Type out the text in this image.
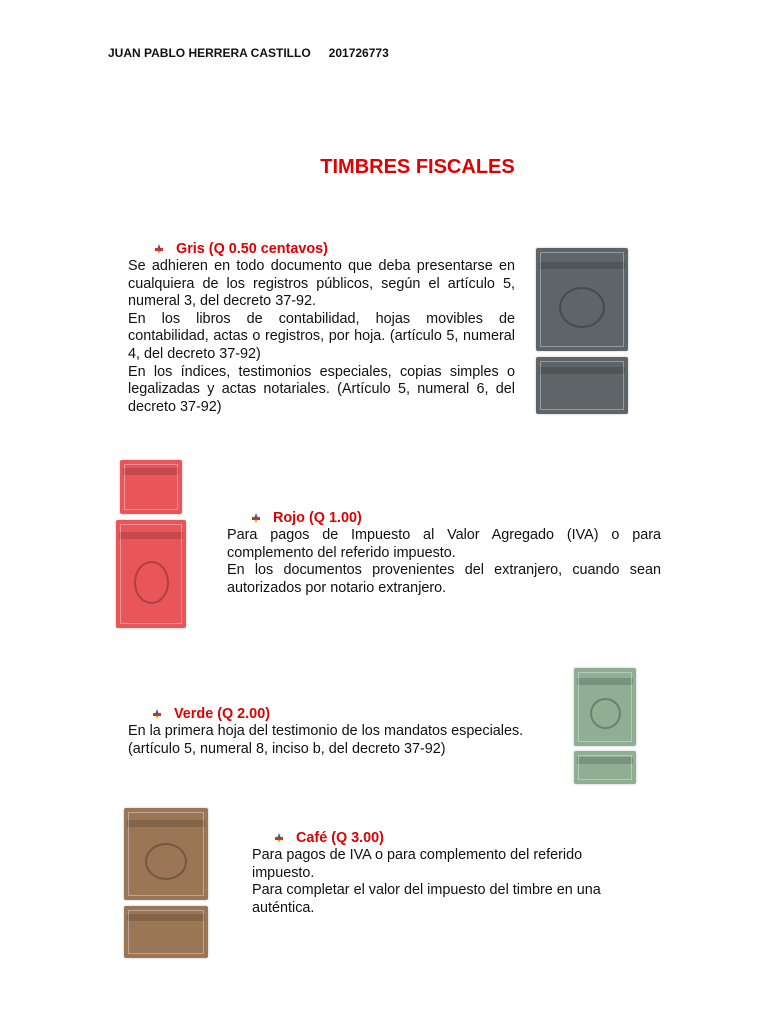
JUAN PABLO HERRERA CASTILLO 201726773
TIMBRES FISCALES
Gris (Q 0.50 centavos)

Se adhieren en todo documento que deba presentarse en cualquiera de los registros públicos, según el artículo 5, numeral 3, del decreto 37-92.

En los libros de contabilidad, hojas movibles de contabilidad, actas o registros, por hoja. (artículo 5, numeral 4, del decreto 37-92)

En los índices, testimonios especiales, copias simples o legalizadas y actas notariales. (Artículo 5, numeral 6, del decreto 37-92)

Rojo (Q 1.00)

Para pagos de Impuesto al Valor Agregado (IVA) o para complemento del referido impuesto.

En los documentos provenientes del extranjero, cuando sean autorizados por notario extranjero.

Verde (Q 2.00)

En la primera hoja del testimonio de los mandatos especiales. (artículo 5, numeral 8, inciso b, del decreto 37-92)

Café (Q 3.00)

Para pagos de IVA o para complemento del referido impuesto.

Para completar el valor del impuesto del timbre en una auténtica.
